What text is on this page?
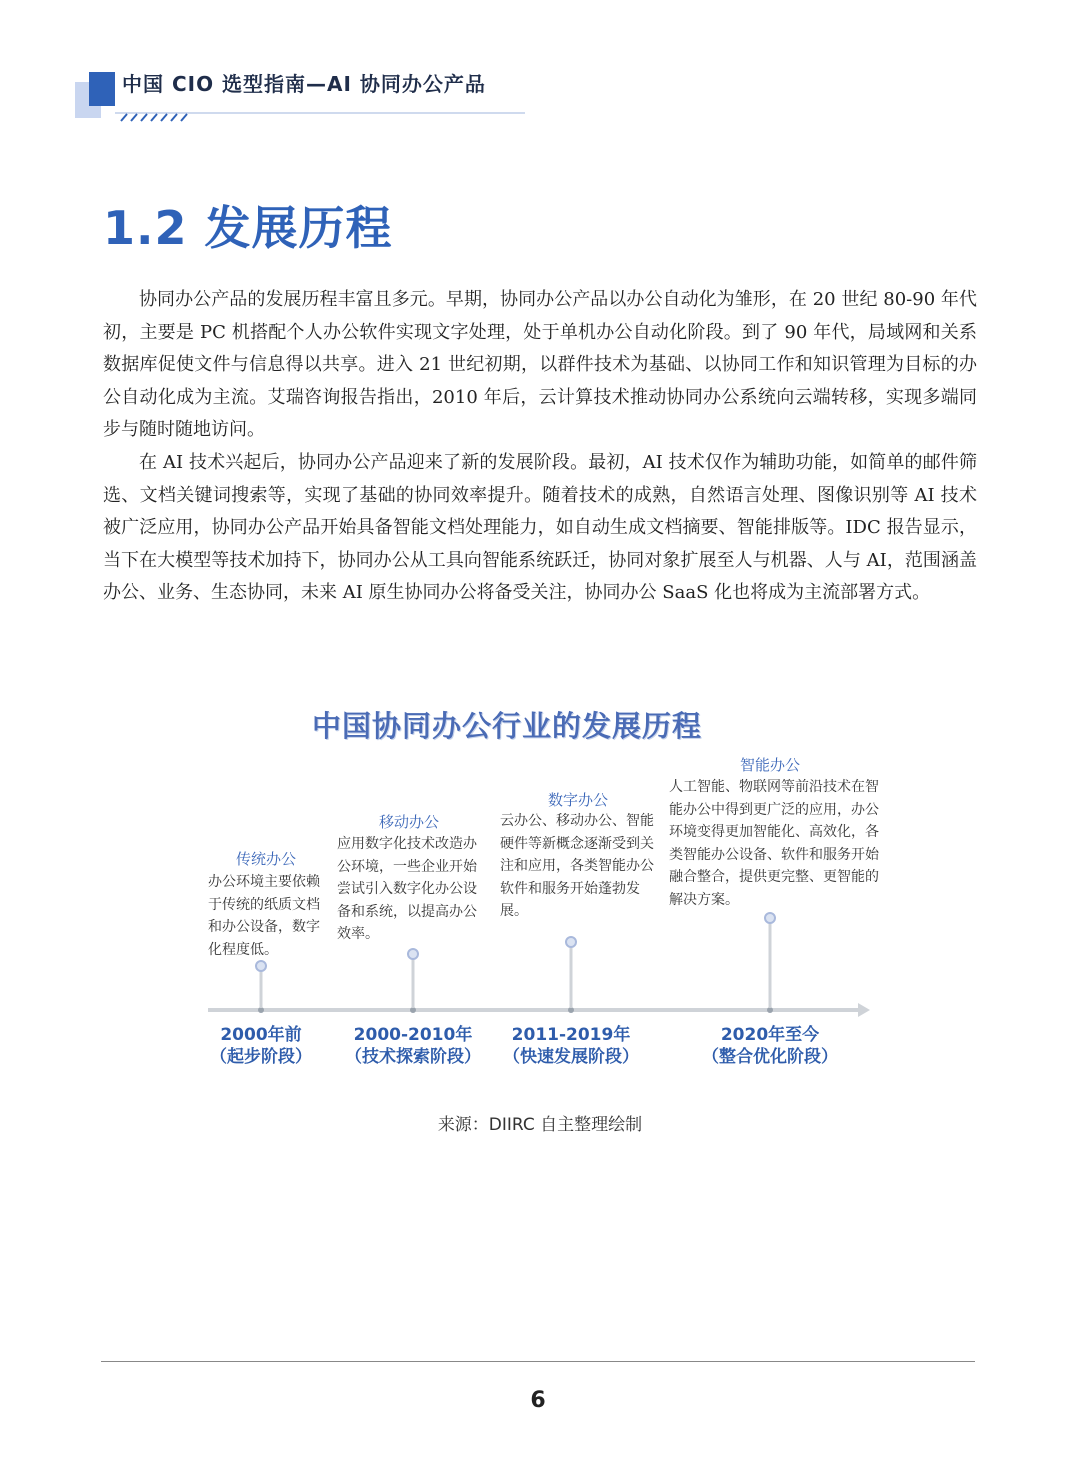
中国 CIO 选型指南—AI 协同办公产品
1.2 发展历程

协同办公产品的发展历程丰富且多元。早期，协同办公产品以办公自动化为雏形，在 20 世纪 80-90 年代初，主要是 PC 机搭配个人办公软件实现文字处理，处于单机办公自动化阶段。到了 90 年代，局域网和关系数据库促使文件与信息得以共享。进入 21 世纪初期，以群件技术为基础、以协同工作和知识管理为目标的办公自动化成为主流。艾瑞咨询报告指出，2010 年后，云计算技术推动协同办公系统向云端转移，实现多端同步与随时随地访问。

在 AI 技术兴起后，协同办公产品迎来了新的发展阶段。最初，AI 技术仅作为辅助功能，如简单的邮件筛选、文档关键词搜索等，实现了基础的协同效率提升。随着技术的成熟，自然语言处理、图像识别等 AI 技术被广泛应用，协同办公产品开始具备智能文档处理能力，如自动生成文档摘要、智能排版等。IDC 报告显示，当下在大模型等技术加持下，协同办公从工具向智能系统跃迁，协同对象扩展至人与机器、人与 AI，范围涵盖办公、业务、生态协同，未来 AI 原生协同办公将备受关注，协同办公 SaaS 化也将成为主流部署方式。

中国协同办公行业的发展历程
传统办公
办公环境主要依赖于传统的纸质文档和办公设备，数字化程度低。
2000年前
（起步阶段）
移动办公
应用数字化技术改造办公环境，一些企业开始尝试引入数字化办公设备和系统，以提高办公效率。
2000-2010年
（技术探索阶段）
数字办公
云办公、移动办公、智能硬件等新概念逐渐受到关注和应用，各类智能办公软件和服务开始蓬勃发展。
2011-2019年
（快速发展阶段）
智能办公
人工智能、物联网等前沿技术在智能办公中得到更广泛的应用，办公环境变得更加智能化、高效化，各类智能办公设备、软件和服务开始融合整合，提供更完整、更智能的解决方案。
2020年至今
（整合优化阶段）
来源：DIIRC 自主整理绘制
6
